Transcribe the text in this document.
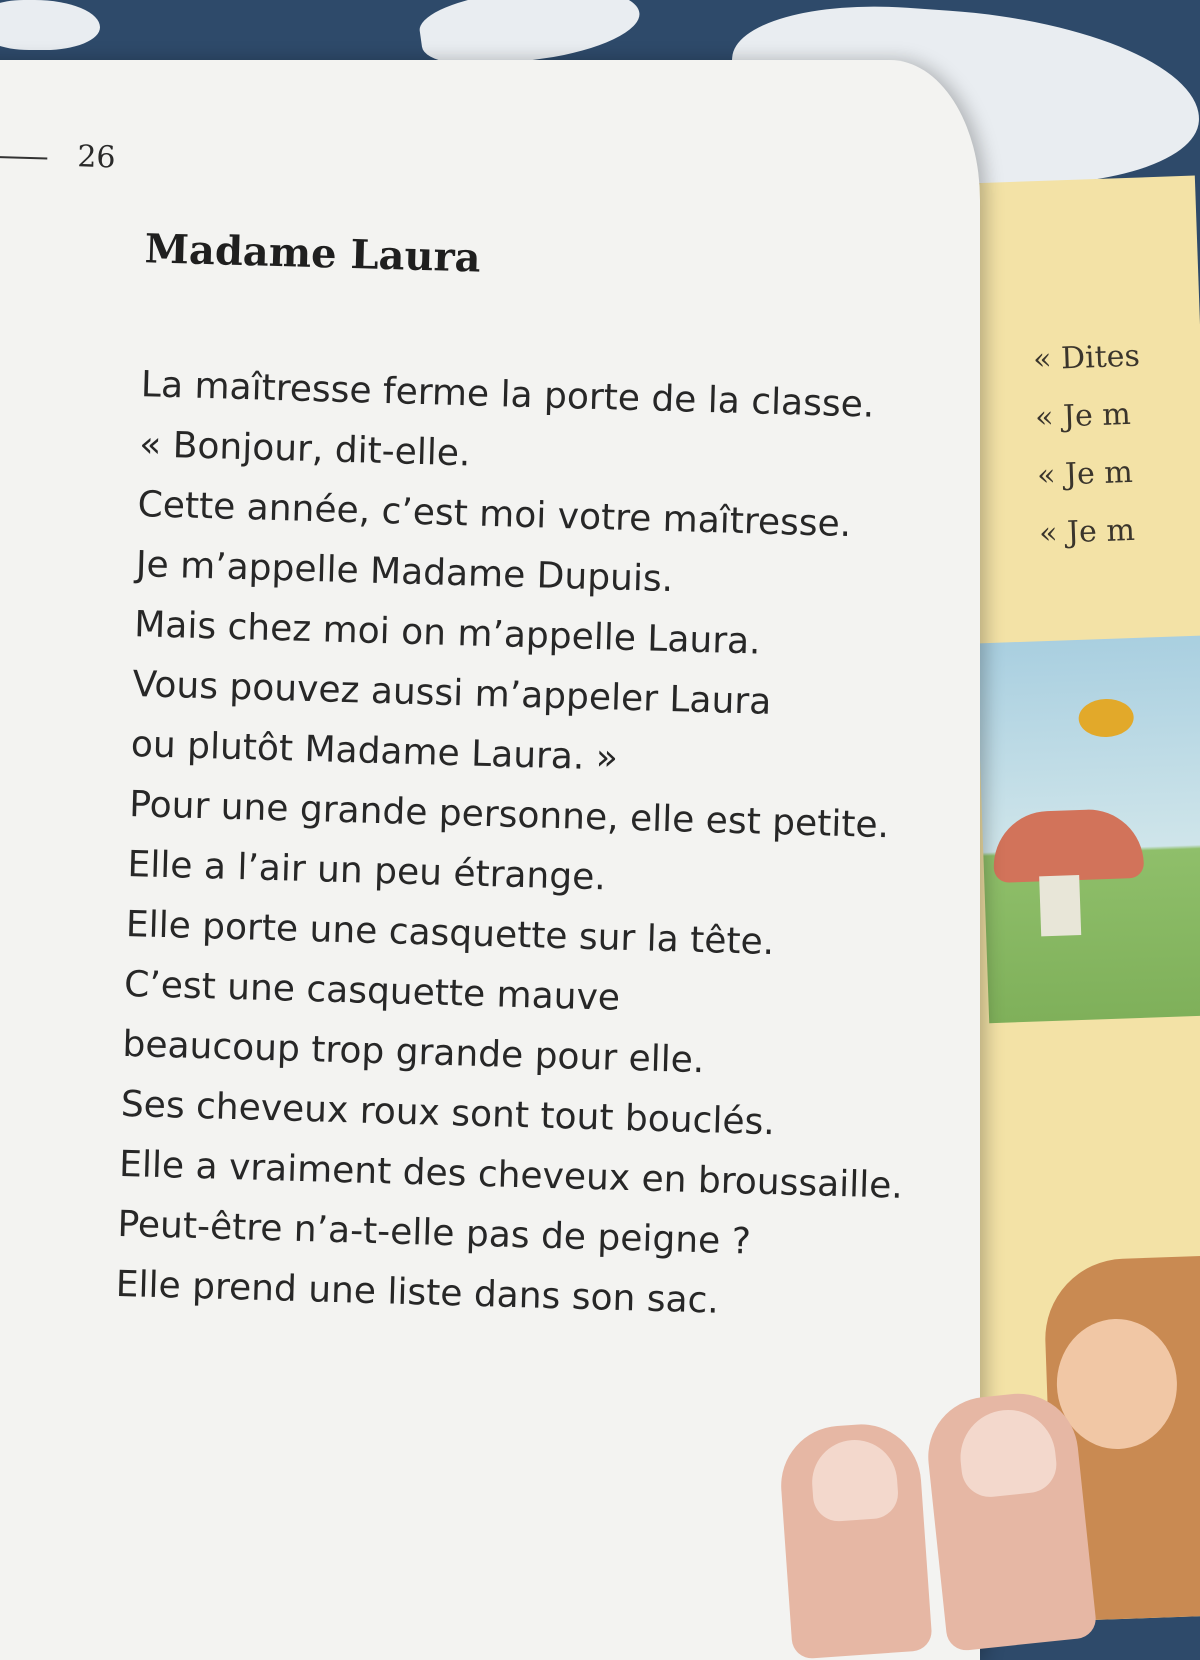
« Dites
« Je m
« Je m
« Je m
26
Madame Laura
La maîtresse ferme la porte de la classe.
« Bonjour, dit-elle.
Cette année, c’est moi votre maîtresse.
Je m’appelle Madame Dupuis.
Mais chez moi on m’appelle Laura.
Vous pouvez aussi m’appeler Laura
ou plutôt Madame Laura. »
Pour une grande personne, elle est petite.
Elle a l’air un peu étrange.
Elle porte une casquette sur la tête.
C’est une casquette mauve
beaucoup trop grande pour elle.
Ses cheveux roux sont tout bouclés.
Elle a vraiment des cheveux en broussaille.
Peut-être n’a-t-elle pas de peigne ?
Elle prend une liste dans son sac.
